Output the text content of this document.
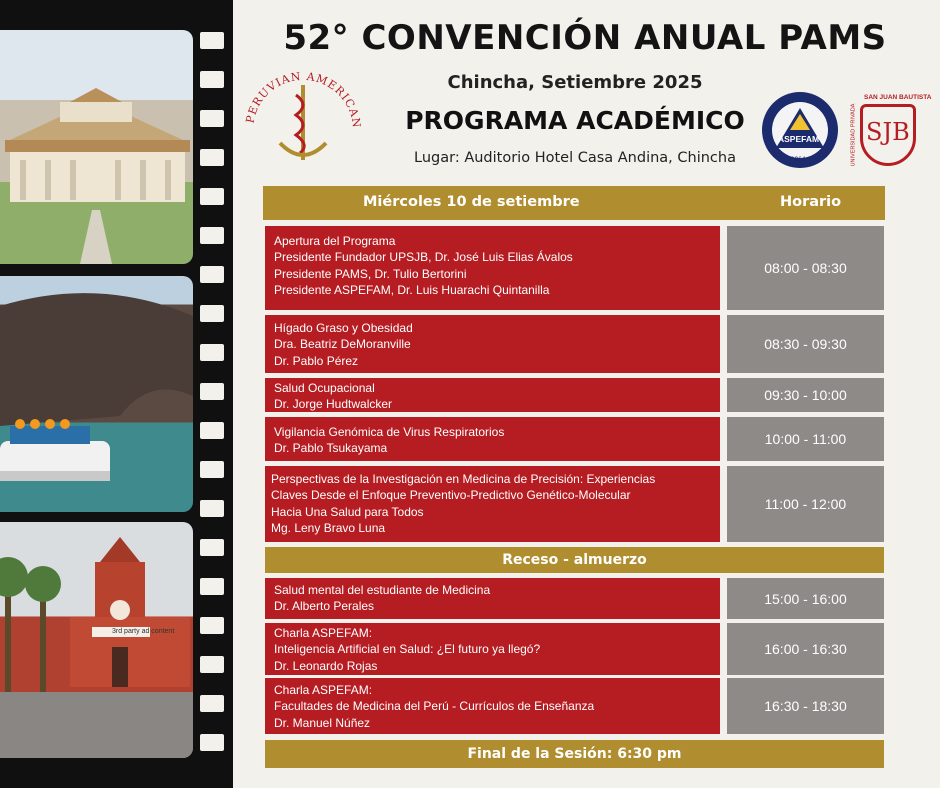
3rd party ad content
PERUVIAN AMERICAN
ASPEFAM
1964
SAN JUAN BAUTISTA
UNIVERSIDAD PRIVADA SJB
52° CONVENCIÓN ANUAL PAMS
Chincha, Setiembre 2025
PROGRAMA ACADÉMICO
Lugar: Auditorio Hotel Casa Andina, Chincha
Miércoles 10 de setiembre	Horario
Apertura del Programa
Presidente Fundador UPSJB, Dr. José Luis Elias Ávalos
Presidente PAMS, Dr. Tulio Bertorini
Presidente ASPEFAM, Dr. Luis Huarachi Quintanilla
08:00 - 08:30
Hígado Graso y Obesidad
Dra. Beatriz DeMoranville
Dr. Pablo Pérez
08:30 - 09:30
Salud Ocupacional
Dr. Jorge Hudtwalcker
09:30 - 10:00
Vigilancia Genómica de Virus Respiratorios
Dr. Pablo Tsukayama
10:00 - 11:00
Perspectivas de la Investigación en Medicina de Precisión: Experiencias
Claves Desde el Enfoque Preventivo-Predictivo Genético-Molecular
Hacia Una Salud para Todos
Mg. Leny Bravo Luna
11:00 - 12:00
Receso - almuerzo
Salud mental del estudiante de Medicina
Dr. Alberto Perales	15:00 - 16:00
Charla ASPEFAM:
Inteligencia Artificial en Salud: ¿El futuro ya llegó?
Dr. Leonardo Rojas
16:00 - 16:30
Charla ASPEFAM:
Facultades de Medicina del Perú - Currículos de Enseñanza
Dr. Manuel Núñez
16:30 - 18:30
Final de la Sesión: 6:30 pm
